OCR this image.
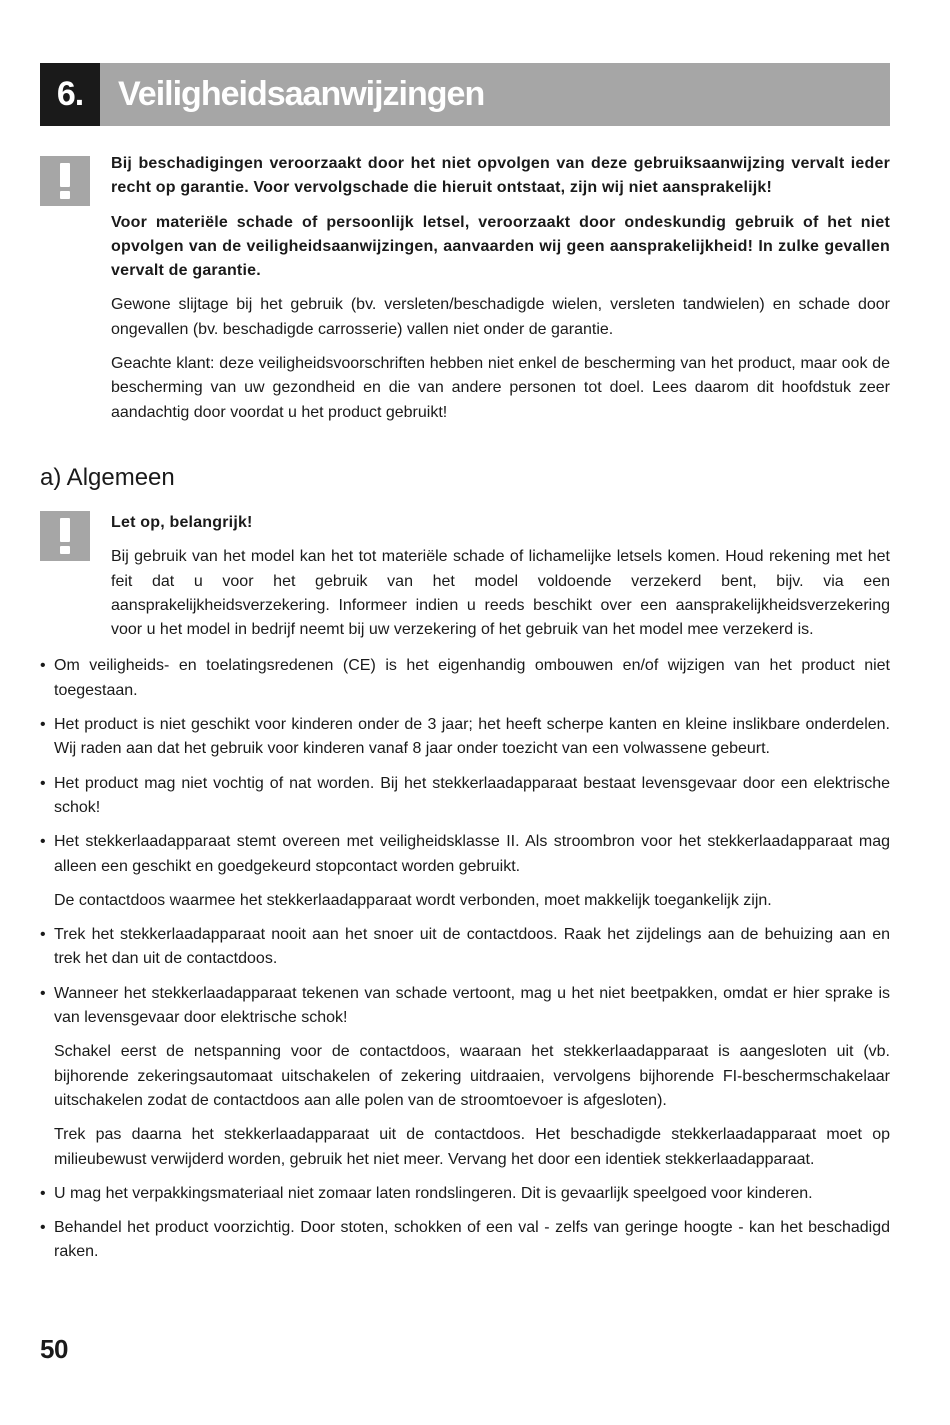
6.	Veiligheidsaanwijzingen

Bij beschadigingen veroorzaakt door het niet opvolgen van deze gebruiksaanwijzing vervalt ieder recht op garantie. Voor vervolgschade die hieruit ontstaat, zijn wij niet aansprakelijk!

Voor materiële schade of persoonlijk letsel, veroorzaakt door ondeskundig gebruik of het niet opvolgen van de veiligheidsaanwijzingen, aanvaarden wij geen aansprakelijkheid! In zulke gevallen vervalt de garantie.

Gewone slijtage bij het gebruik (bv. versleten/beschadigde wielen, versleten tandwielen) en schade door ongevallen (bv. beschadigde carrosserie) vallen niet onder de garantie.

Geachte klant: deze veiligheidsvoorschriften hebben niet enkel de bescherming van het product, maar ook de bescherming van uw gezondheid en die van andere personen tot doel. Lees daarom dit hoofdstuk zeer aandachtig door voordat u het product gebruikt!

a) Algemeen

Let op, belangrijk!

Bij gebruik van het model kan het tot materiële schade of lichamelijke letsels komen. Houd rekening met het feit dat u voor het gebruik van het model voldoende verzekerd bent, bijv. via een aansprakelijkheidsverzekering. Informeer indien u reeds beschikt over een aansprakelijkheidsverzekering voor u het model in bedrijf neemt bij uw verzekering of het gebruik van het model mee verzekerd is.

• Om veiligheids- en toelatingsredenen (CE) is het eigenhandig ombouwen en/of wijzigen van het product niet toegestaan.

• Het product is niet geschikt voor kinderen onder de 3 jaar; het heeft scherpe kanten en kleine inslikbare onderdelen. Wij raden aan dat het gebruik voor kinderen vanaf 8 jaar onder toezicht van een volwassene gebeurt.

• Het product mag niet vochtig of nat worden. Bij het stekkerlaadapparaat bestaat levensgevaar door een elektrische schok!

• Het stekkerlaadapparaat stemt overeen met veiligheidsklasse II. Als stroombron voor het stekkerlaadapparaat mag alleen een geschikt en goedgekeurd stopcontact worden gebruikt.

De contactdoos waarmee het stekkerlaadapparaat wordt verbonden, moet makkelijk toegankelijk zijn.

• Trek het stekkerlaadapparaat nooit aan het snoer uit de contactdoos. Raak het zijdelings aan de behuizing aan en trek het dan uit de contactdoos.

• Wanneer het stekkerlaadapparaat tekenen van schade vertoont, mag u het niet beetpakken, omdat er hier sprake is van levensgevaar door elektrische schok!

Schakel eerst de netspanning voor de contactdoos, waaraan het stekkerlaadapparaat is aangesloten uit (vb. bijhorende zekeringsautomaat uitschakelen of zekering uitdraaien, vervolgens bijhorende FI-beschermschakelaar uitschakelen zodat de contactdoos aan alle polen van de stroomtoevoer is afgesloten).

Trek pas daarna het stekkerlaadapparaat uit de contactdoos. Het beschadigde stekkerlaadapparaat moet op milieubewust verwijderd worden, gebruik het niet meer. Vervang het door een identiek stekkerlaadapparaat.

• U mag het verpakkingsmateriaal niet zomaar laten rondslingeren. Dit is gevaarlijk speelgoed voor kinderen.

• Behandel het product voorzichtig. Door stoten, schokken of een val - zelfs van geringe hoogte - kan het beschadigd raken.

50
